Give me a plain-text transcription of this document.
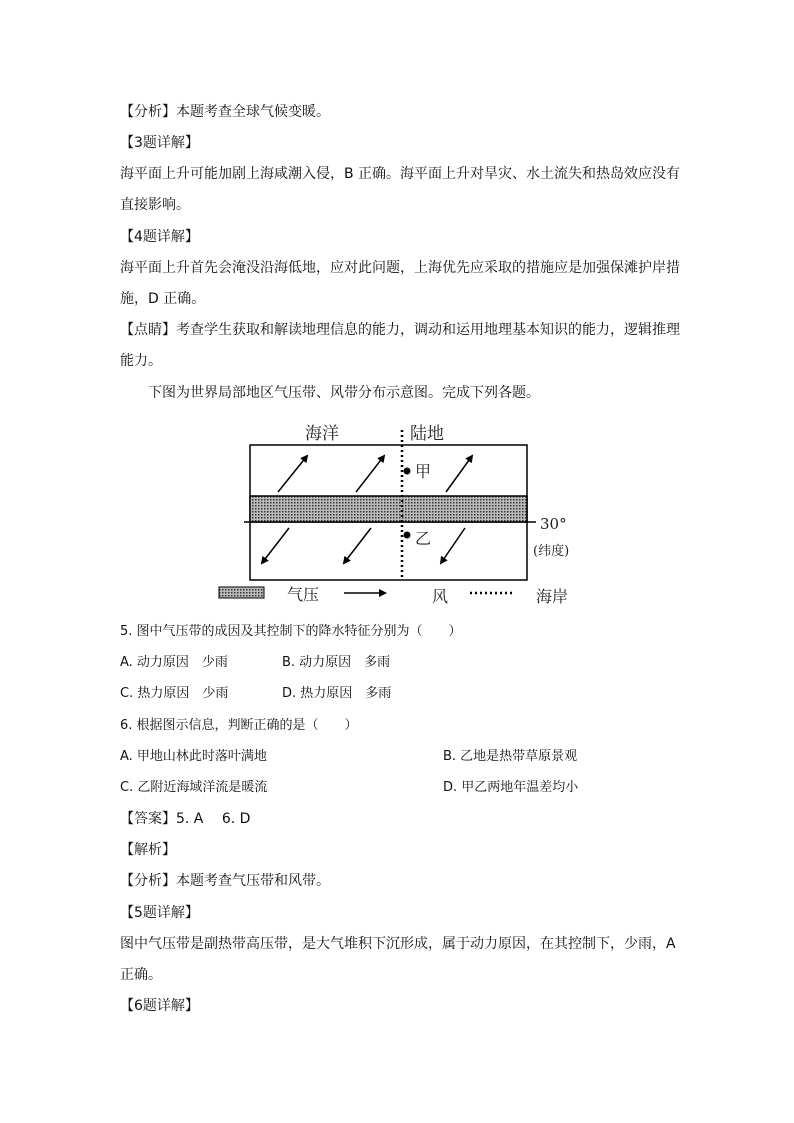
【分析】本题考查全球气候变暖。
【3题详解】
海平面上升可能加剧上海咸潮入侵，B 正确。海平面上升对旱灾、水土流失和热岛效应没有
直接影响。
【4题详解】
海平面上升首先会淹没沿海低地，应对此问题，上海优先应采取的措施应是加强保滩护岸措
施，D 正确。
【点睛】考查学生获取和解读地理信息的能力，调动和运用地理基本知识的能力，逻辑推理
能力。
下图为世界局部地区气压带、风带分布示意图。完成下列各题。
海洋	陆地
甲
乙
30°
(纬度)
气压	风	海岸
5. 图中气压带的成因及其控制下的降水特征分别为（　　）
A. 动力原因　少雨	B. 动力原因　多雨
C. 热力原因　少雨	D. 热力原因　多雨
6. 根据图示信息，判断正确的是（　　）
A. 甲地山林此时落叶满地	B. 乙地是热带草原景观
C. 乙附近海域洋流是暖流	D. 甲乙两地年温差均小
【答案】5. A　 6. D
【解析】
【分析】本题考查气压带和风带。
【5题详解】
图中气压带是副热带高压带，是大气堆积下沉形成，属于动力原因，在其控制下，少雨，A
正确。
【6题详解】
